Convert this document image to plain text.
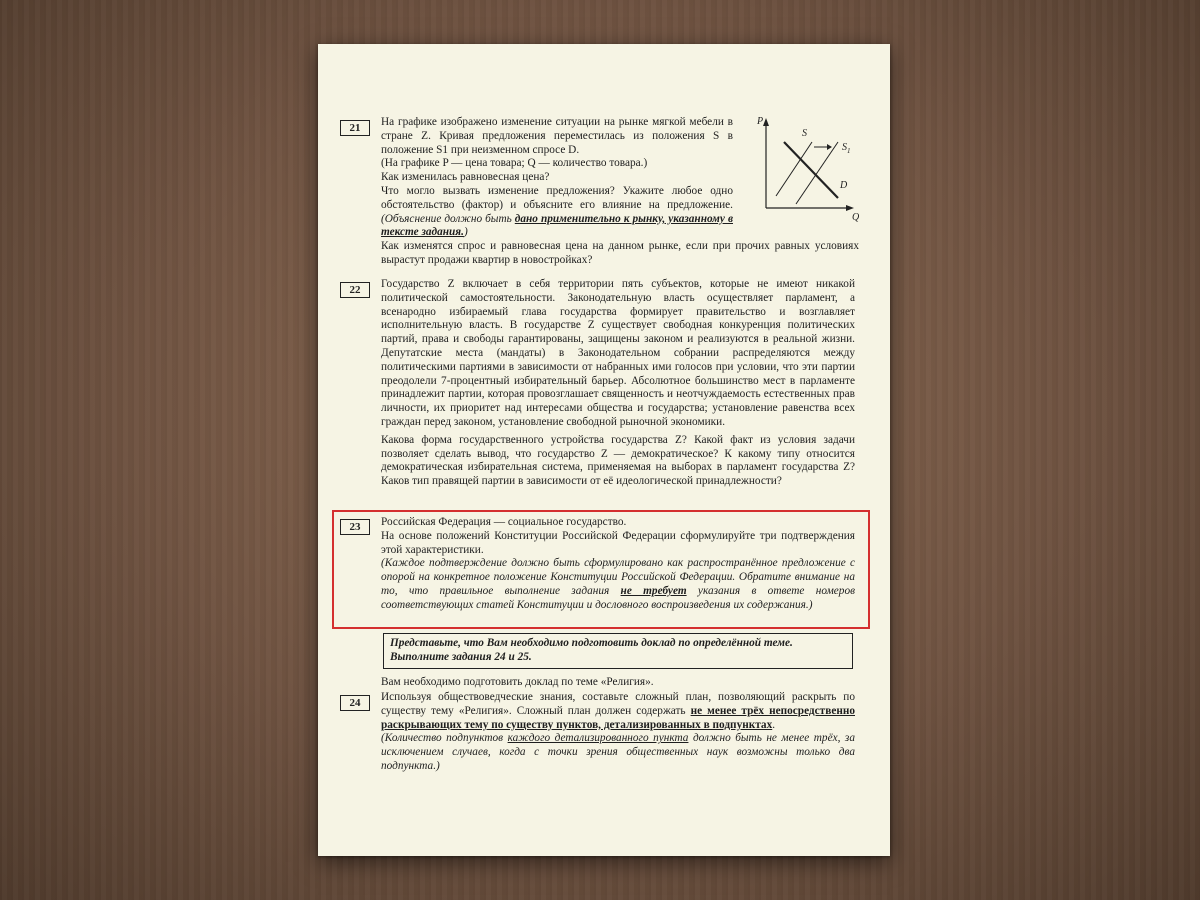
21	На графике изображено изменение ситуации на рынке мягкой мебели в стране Z. Кривая предложения переместилась из положения S в положение S1 при неизменном спросе D.

(На графике P — цена товара; Q — количество товара.)

Как изменилась равновесная цена?

Что могло вызвать изменение предложения? Укажите любое одно обстоятельство (фактор) и объясните его влияние на предложение. (Объяснение должно быть дано применительно к рынку, указанному в тексте задания.)

Как изменятся спрос и равновесная цена на данном рынке, если при прочих равных условиях вырастут продажи квартир в новостройках?
P
Q
S
$S_1$
D
22	Государство Z включает в себя территории пять субъектов, которые не имеют никакой политической самостоятельности. Законодательную власть осуществляет парламент, а всенародно избираемый глава государства формирует правительство и возглавляет исполнительную власть. В государстве Z существует свободная конкуренция политических партий, права и свободы гарантированы, защищены законом и реализуются в реальной жизни. Депутатские места (мандаты) в Законодательном собрании распределяются между политическими партиями в зависимости от набранных ими голосов при условии, что эти партии преодолели 7-процентный избирательный барьер. Абсолютное большинство мест в парламенте принадлежит партии, которая провозглашает священность и неотчуждаемость естественных прав личности, их приоритет над интересами общества и государства; установление равенства всех граждан перед законом, установление свободной рыночной экономики.

Какова форма государственного устройства государства Z? Какой факт из условия задачи позволяет сделать вывод, что государство Z — демократическое? К какому типу относится демократическая избирательная система, применяемая на выборах в парламент государства Z? Каков тип правящей партии в зависимости от её идеологической принадлежности?

23	Российская Федерация — социальное государство.

На основе положений Конституции Российской Федерации сформулируйте три подтверждения этой характеристики.

(Каждое подтверждение должно быть сформулировано как распространённое предложение с опорой на конкретное положение Конституции Российской Федерации. Обратите внимание на то, что правильное выполнение задания не требует указания в ответе номеров соответствующих статей Конституции и дословного воспроизведения их содержания.)

Представьте, что Вам необходимо подготовить доклад по определённой теме. Выполните задания 24 и 25.
Вам необходимо подготовить доклад по теме «Религия».
24	Используя обществоведческие знания, составьте сложный план, позволяющий раскрыть по существу тему «Религия». Сложный план должен содержать не менее трёх непосредственно раскрывающих тему по существу пунктов, детализированных в подпунктах.

(Количество подпунктов каждого детализированного пункта должно быть не менее трёх, за исключением случаев, когда с точки зрения общественных наук возможны только два подпункта.)
